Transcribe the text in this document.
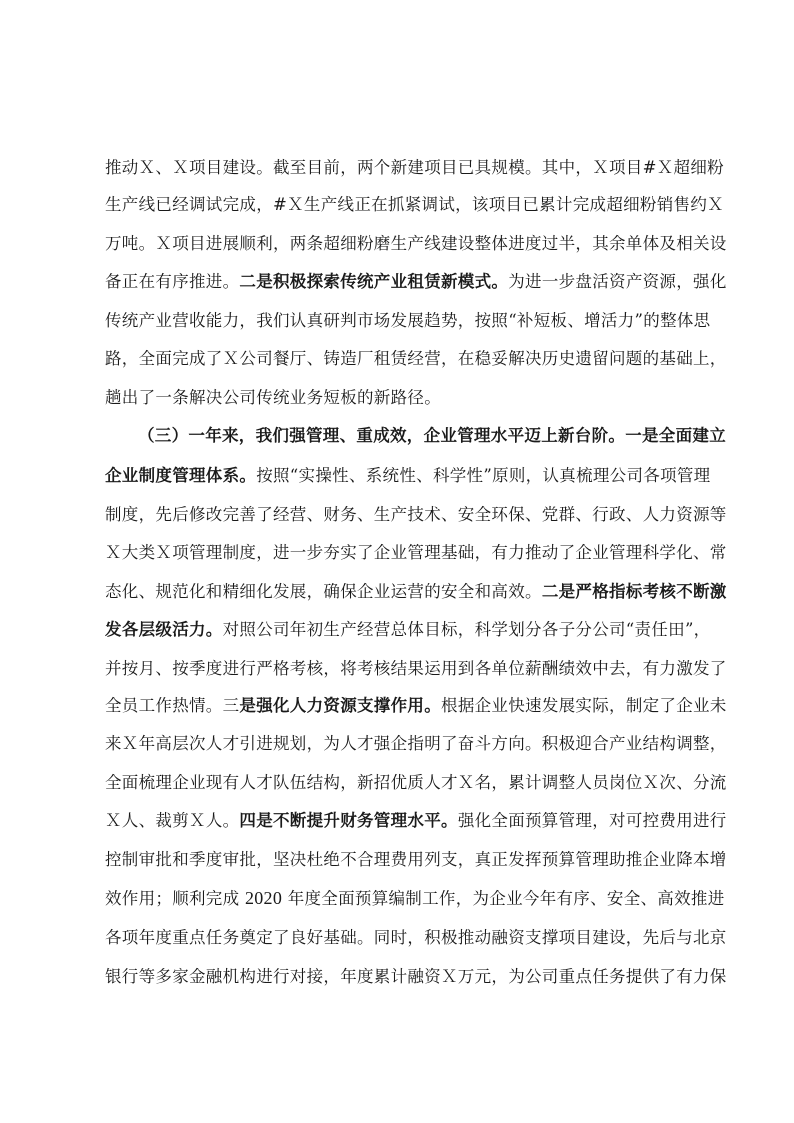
推动Ｘ、Ｘ项目建设。截至目前，两个新建项目已具规模。其中，Ｘ项目#Ｘ超细粉
生产线已经调试完成，#Ｘ生产线正在抓紧调试，该项目已累计完成超细粉销售约Ｘ
万吨。Ｘ项目进展顺利，两条超细粉磨生产线建设整体进度过半，其余单体及相关设
备正在有序推进。二是积极探索传统产业租赁新模式。为进一步盘活资产资源，强化
传统产业营收能力，我们认真研判市场发展趋势，按照“补短板、增活力”的整体思
路，全面完成了Ｘ公司餐厅、铸造厂租赁经营，在稳妥解决历史遗留问题的基础上，
趟出了一条解决公司传统业务短板的新路径。
（三）一年来，我们强管理、重成效，企业管理水平迈上新台阶。一是全面建立
企业制度管理体系。按照“实操性、系统性、科学性”原则，认真梳理公司各项管理
制度，先后修改完善了经营、财务、生产技术、安全环保、党群、行政、人力资源等
Ｘ大类Ｘ项管理制度，进一步夯实了企业管理基础，有力推动了企业管理科学化、常
态化、规范化和精细化发展，确保企业运营的安全和高效。二是严格指标考核不断激
发各层级活力。对照公司年初生产经营总体目标，科学划分各子分公司“责任田”，
并按月、按季度进行严格考核，将考核结果运用到各单位薪酬绩效中去，有力激发了
全员工作热情。三是强化人力资源支撑作用。根据企业快速发展实际，制定了企业未
来Ｘ年高层次人才引进规划，为人才强企指明了奋斗方向。积极迎合产业结构调整，
全面梳理企业现有人才队伍结构，新招优质人才Ｘ名，累计调整人员岗位Ｘ次、分流
Ｘ人、裁剪Ｘ人。四是不断提升财务管理水平。强化全面预算管理，对可控费用进行
控制审批和季度审批，坚决杜绝不合理费用列支，真正发挥预算管理助推企业降本增
效作用；顺利完成 2020 年度全面预算编制工作，为企业今年有序、安全、高效推进
各项年度重点任务奠定了良好基础。同时，积极推动融资支撑项目建设，先后与北京
银行等多家金融机构进行对接，年度累计融资Ｘ万元，为公司重点任务提供了有力保
